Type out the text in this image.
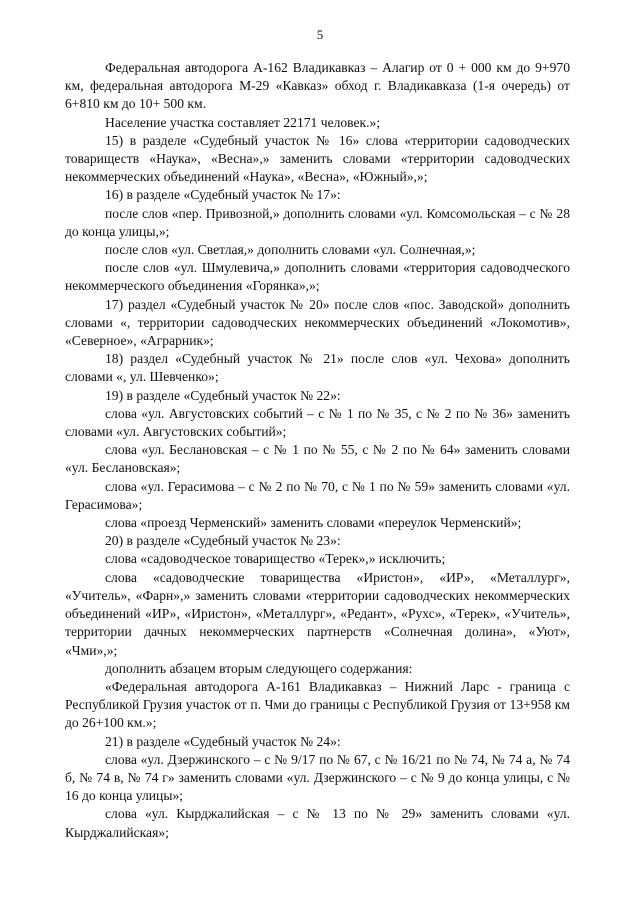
5

Федеральная автодорога А-162 Владикавказ – Алагир от 0 + 000 км до 9+970 км, федеральная автодорога М-29 «Кавказ» обход г. Владикавказа (1-я очередь) от 6+810 км до 10+ 500 км.

Население участка составляет 22171 человек.»;

15) в разделе «Судебный участок № 16» слова «территории садоводческих товариществ «Наука», «Весна»,» заменить словами «территории садоводческих некоммерческих объединений «Наука», «Весна», «Южный»,»;

16) в разделе «Судебный участок № 17»:

после слов «пер. Привозной,» дополнить словами «ул. Комсомольская – с № 28 до конца улицы,»;

после слов «ул. Светлая,» дополнить словами «ул. Солнечная,»;

после слов «ул. Шмулевича,» дополнить словами «территория садоводческого некоммерческого объединения «Горянка»,»;

17) раздел «Судебный участок № 20» после слов «пос. Заводской» дополнить словами «, территории садоводческих некоммерческих объединений «Локомотив», «Северное», «Аграрник»;

18) раздел «Судебный участок № 21» после слов «ул. Чехова» дополнить словами «, ул. Шевченко»;

19) в разделе «Судебный участок № 22»:

слова «ул. Августовских событий – с № 1 по № 35, с № 2 по № 36» заменить словами «ул. Августовских событий»;

слова «ул. Беслановская – с № 1 по № 55, с № 2 по № 64» заменить словами «ул. Беслановская»;

слова «ул. Герасимова – с № 2 по № 70, с № 1 по № 59» заменить словами «ул. Герасимова»;

слова «проезд Черменский» заменить словами «переулок Черменский»;

20) в разделе «Судебный участок № 23»:

слова «садоводческое товарищество «Терек»,» исключить;

слова «садоводческие товарищества «Иристон», «ИР», «Металлург», «Учитель», «Фарн»,» заменить словами «территории садоводческих некоммерческих объединений «ИР», «Иристон», «Металлург», «Редант», «Рухс», «Терек», «Учитель», территории дачных некоммерческих партнерств «Солнечная долина», «Уют», «Чми»,»;

дополнить абзацем вторым следующего содержания:

«Федеральная автодорога А-161 Владикавказ – Нижний Ларс - граница с Республикой Грузия участок от п. Чми до границы с Республикой Грузия от 13+958 км до 26+100 км.»;

21) в разделе «Судебный участок № 24»:

слова «ул. Дзержинского – с № 9/17 по № 67, с № 16/21 по № 74, № 74 а, № 74 б, № 74 в, № 74 г» заменить словами «ул. Дзержинского – с № 9 до конца улицы, с № 16 до конца улицы»;

слова «ул. Кырджалийская – с № 13 по № 29» заменить словами «ул. Кырджалийская»;
